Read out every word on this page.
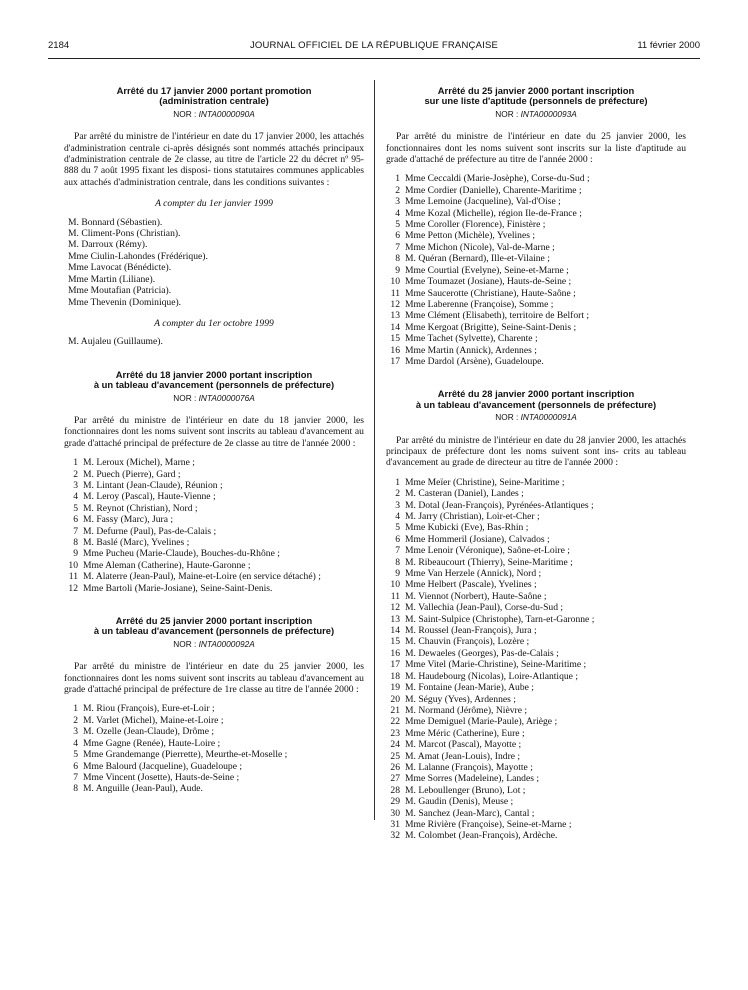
2184	JOURNAL OFFICIEL DE LA RÉPUBLIQUE FRANÇAISE	11 février 2000

Arrêté du 17 janvier 2000 portant promotion
(administration centrale)

NOR : INTA0000090A

Par arrêté du ministre de l'intérieur en date du 17 janvier 2000, les attachés d'administration centrale ci-après désignés sont nommés attachés principaux d'administration centrale de 2e classe, au titre de l'article 22 du décret nº 95-888 du 7 août 1995 fixant les disposi- tions statutaires communes applicables aux attachés d'administration centrale, dans les conditions suivantes :

A compter du 1er janvier 1999

M. Bonnard (Sébastien).
M. Climent-Pons (Christian).
M. Darroux (Rémy).
Mme Ciulin-Lahondes (Frédérique).
Mme Lavocat (Bénédicte).
Mme Martin (Liliane).
Mme Moutafian (Patricia).
Mme Thevenin (Dominique).

A compter du 1er octobre 1999

M. Aujaleu (Guillaume).

Arrêté du 18 janvier 2000 portant inscription
à un tableau d'avancement (personnels de préfecture)

NOR : INTA0000076A

Par arrêté du ministre de l'intérieur en date du 18 janvier 2000, les fonctionnaires dont les noms suivent sont inscrits au tableau d'avancement au grade d'attaché principal de préfecture de 2e classe au titre de l'année 2000 :

1 M. Leroux (Michel), Marne ;
2 M. Puech (Pierre), Gard ;
3 M. Lintant (Jean-Claude), Réunion ;
4 M. Leroy (Pascal), Haute-Vienne ;
5 M. Reynot (Christian), Nord ;
6 M. Fassy (Marc), Jura ;
7 M. Defurne (Paul), Pas-de-Calais ;
8 M. Baslé (Marc), Yvelines ;
9 Mme Pucheu (Marie-Claude), Bouches-du-Rhône ;
10 Mme Aleman (Catherine), Haute-Garonne ;
11 M. Alaterre (Jean-Paul), Maine-et-Loire (en service détaché) ;
12 Mme Bartoli (Marie-Josiane), Seine-Saint-Denis.

Arrêté du 25 janvier 2000 portant inscription
à un tableau d'avancement (personnels de préfecture)

NOR : INTA0000092A

Par arrêté du ministre de l'intérieur en date du 25 janvier 2000, les fonctionnaires dont les noms suivent sont inscrits au tableau d'avancement au grade d'attaché principal de préfecture de 1re classe au titre de l'année 2000 :

1 M. Riou (François), Eure-et-Loir ;
2 M. Varlet (Michel), Maine-et-Loire ;
3 M. Ozelle (Jean-Claude), Drôme ;
4 Mme Gagne (Renée), Haute-Loire ;
5 Mme Grandemange (Pierrette), Meurthe-et-Moselle ;
6 Mme Balourd (Jacqueline), Guadeloupe ;
7 Mme Vincent (Josette), Hauts-de-Seine ;
8 M. Anguille (Jean-Paul), Aude.

Arrêté du 25 janvier 2000 portant inscription
sur une liste d'aptitude (personnels de préfecture)

NOR : INTA0000093A

Par arrêté du ministre de l'intérieur en date du 25 janvier 2000, les fonctionnaires dont les noms suivent sont inscrits sur la liste d'aptitude au grade d'attaché de préfecture au titre de l'année 2000 :

1 Mme Ceccaldi (Marie-Josèphe), Corse-du-Sud ;
2 Mme Cordier (Danielle), Charente-Maritime ;
3 Mme Lemoine (Jacqueline), Val-d'Oise ;
4 Mme Kozal (Michelle), région Ile-de-France ;
5 Mme Coroller (Florence), Finistère ;
6 Mme Petton (Michèle), Yvelines ;
7 Mme Michon (Nicole), Val-de-Marne ;
8 M. Quéran (Bernard), Ille-et-Vilaine ;
9 Mme Courtial (Evelyne), Seine-et-Marne ;
10 Mme Toumazet (Josiane), Hauts-de-Seine ;
11 Mme Saucerotte (Christiane), Haute-Saône ;
12 Mme Laberenne (Françoise), Somme ;
13 Mme Clément (Elisabeth), territoire de Belfort ;
14 Mme Kergoat (Brigitte), Seine-Saint-Denis ;
15 Mme Tachet (Sylvette), Charente ;
16 Mme Martin (Annick), Ardennes ;
17 Mme Dardol (Arsène), Guadeloupe.

Arrêté du 28 janvier 2000 portant inscription
à un tableau d'avancement (personnels de préfecture)

NOR : INTA0000091A

Par arrêté du ministre de l'intérieur en date du 28 janvier 2000, les attachés principaux de préfecture dont les noms suivent sont ins- crits au tableau d'avancement au grade de directeur au titre de l'année 2000 :

1 Mme Meïer (Christine), Seine-Maritime ;
2 M. Casteran (Daniel), Landes ;
3 M. Dotal (Jean-François), Pyrénées-Atlantiques ;
4 M. Jarry (Christian), Loir-et-Cher ;
5 Mme Kubicki (Eve), Bas-Rhin ;
6 Mme Hommeril (Josiane), Calvados ;
7 Mme Lenoir (Véronique), Saône-et-Loire ;
8 M. Ribeaucourt (Thierry), Seine-Maritime ;
9 Mme Van Herzele (Annick), Nord ;
10 Mme Helbert (Pascale), Yvelines ;
11 M. Viennot (Norbert), Haute-Saône ;
12 M. Vallechia (Jean-Paul), Corse-du-Sud ;
13 M. Saint-Sulpice (Christophe), Tarn-et-Garonne ;
14 M. Roussel (Jean-François), Jura ;
15 M. Chauvin (François), Lozère ;
16 M. Dewaeles (Georges), Pas-de-Calais ;
17 Mme Vitel (Marie-Christine), Seine-Maritime ;
18 M. Haudebourg (Nicolas), Loire-Atlantique ;
19 M. Fontaine (Jean-Marie), Aube ;
20 M. Séguy (Yves), Ardennes ;
21 M. Normand (Jérôme), Nièvre ;
22 Mme Demiguel (Marie-Paule), Ariège ;
23 Mme Méric (Catherine), Eure ;
24 M. Marcot (Pascal), Mayotte ;
25 M. Amat (Jean-Louis), Indre ;
26 M. Lalanne (François), Mayotte ;
27 Mme Sorres (Madeleine), Landes ;
28 M. Leboullenger (Bruno), Lot ;
29 M. Gaudin (Denis), Meuse ;
30 M. Sanchez (Jean-Marc), Cantal ;
31 Mme Rivière (Françoise), Seine-et-Marne ;
32 M. Colombet (Jean-François), Ardèche.
